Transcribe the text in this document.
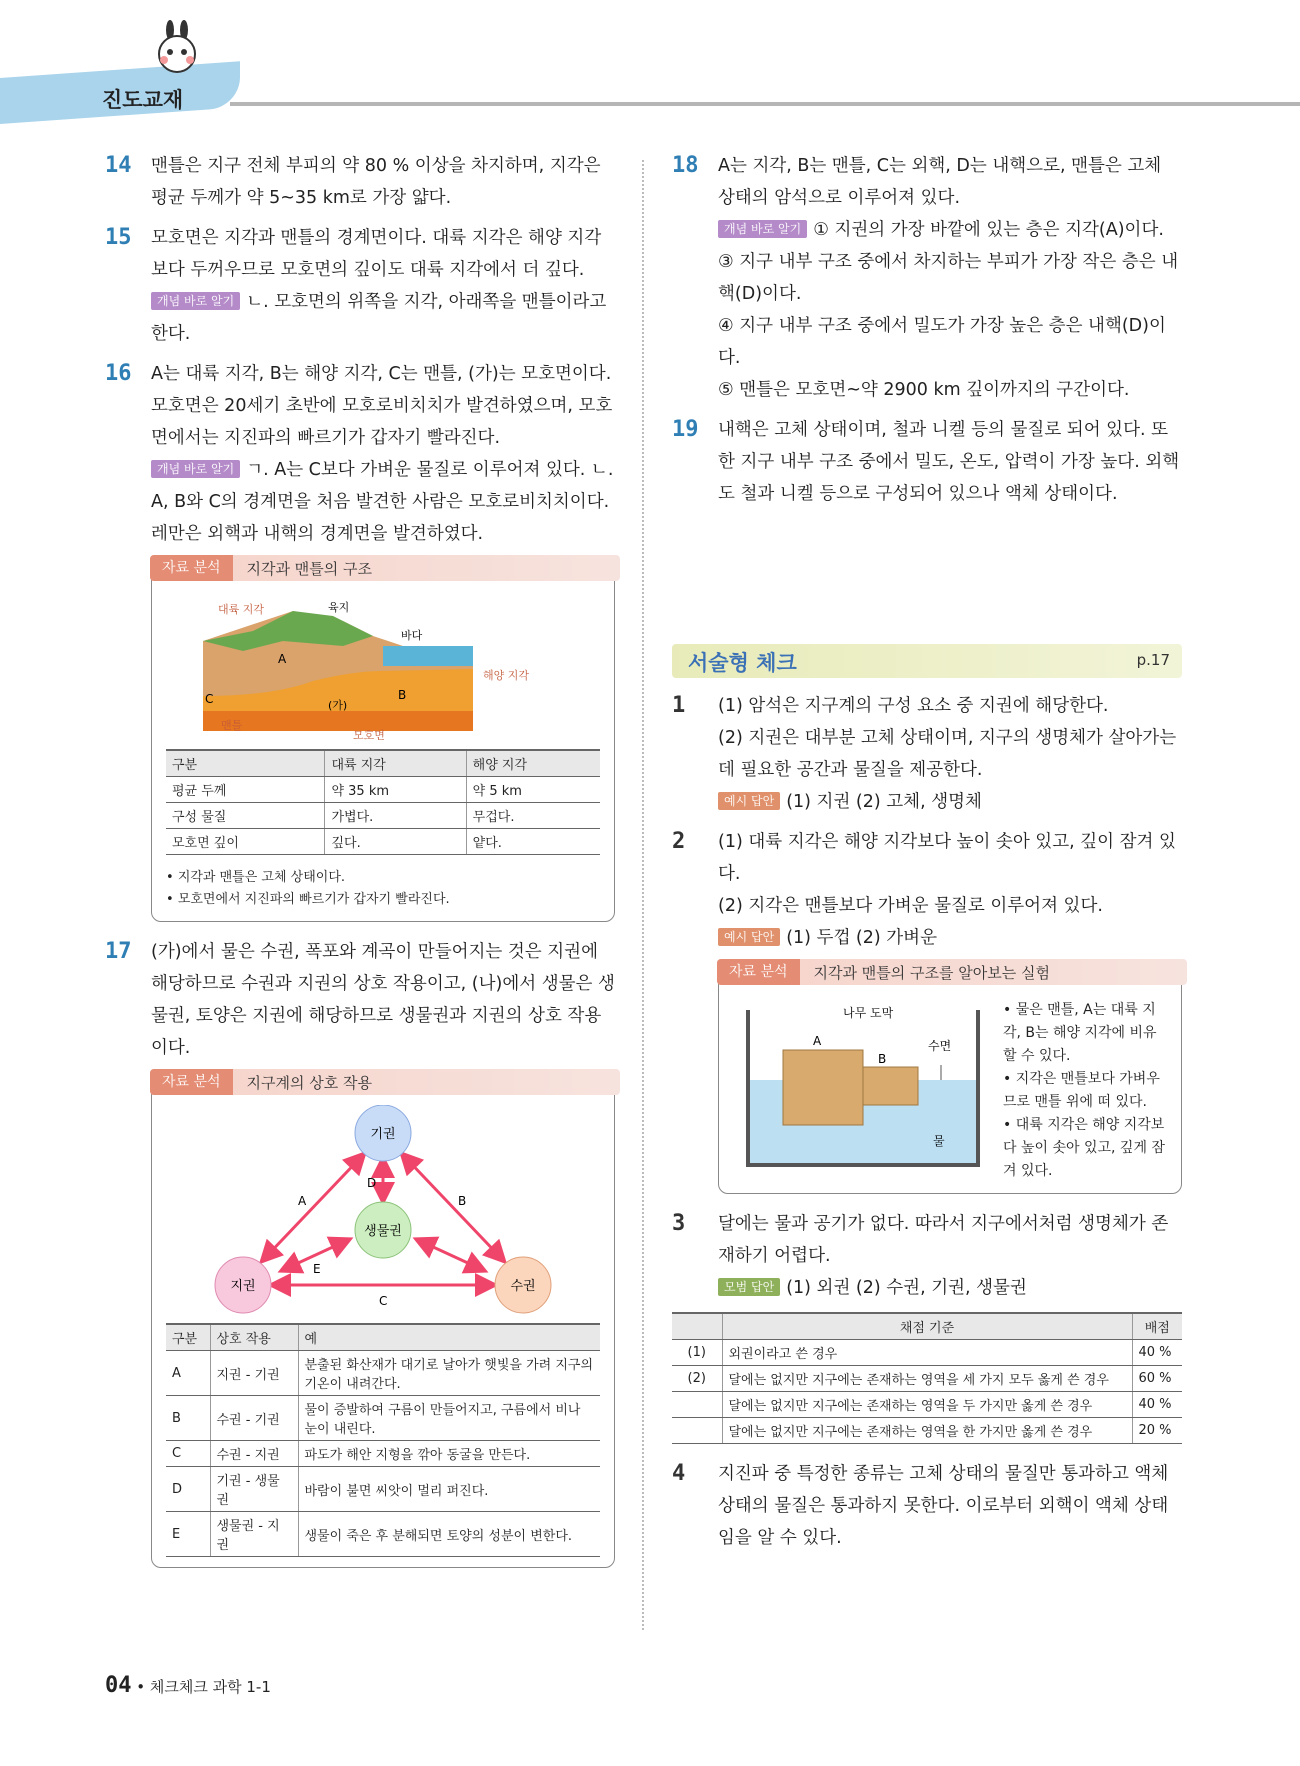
진도교재
14 맨틀은 지구 전체 부피의 약 80 % 이상을 차지하며, 지각은 평균 두께가 약 5~35 km로 가장 얇다.
15 모호면은 지각과 맨틀의 경계면이다. 대륙 지각은 해양 지각보다 두꺼우므로 모호면의 깊이도 대륙 지각에서 더 깊다.
개념 바로 알기 ㄴ. 모호면의 위쪽을 지각, 아래쪽을 맨틀이라고 한다.
16 A는 대륙 지각, B는 해양 지각, C는 맨틀, (가)는 모호면이다. 모호면은 20세기 초반에 모호로비치치가 발견하였으며, 모호면에서는 지진파의 빠르기가 갑자기 빨라진다.
개념 바로 알기 ㄱ. A는 C보다 가벼운 물질로 이루어져 있다. ㄴ. A, B와 C의 경계면을 처음 발견한 사람은 모호로비치치이다. 레만은 외핵과 내핵의 경계면을 발견하였다.
자료 분석	지각과 맨틀의 구조
대륙 지각	육지
바다
해양 지각
A
B
C	(가)
맨틀
모호면
구분	대륙 지각	해양 지각
평균 두께	약 35 km	약 5 km
구성 물질	가볍다.	무겁다.
모호면 깊이	깊다.	얕다.
• 지각과 맨틀은 고체 상태이다.
• 모호면에서 지진파의 빠르기가 갑자기 빨라진다.
17 (가)에서 물은 수권, 폭포와 계곡이 만들어지는 것은 지권에 해당하므로 수권과 지권의 상호 작용이고, (나)에서 생물은 생물권, 토양은 지권에 해당하므로 생물권과 지권의 상호 작용이다.
자료 분석	지구계의 상호 작용
기권
생물권
지권	수권
A	B
C
D
E
구분	상호 작용	예
A	지권 - 기권	분출된 화산재가 대기로 날아가 햇빛을 가려 지구의 기온이 내려간다.
B	수권 - 기권	물이 증발하여 구름이 만들어지고, 구름에서 비나 눈이 내린다.
C	수권 - 지권	파도가 해안 지형을 깎아 동굴을 만든다.
D	기권 - 생물권	바람이 불면 씨앗이 멀리 퍼진다.
E	생물권 - 지권	생물이 죽은 후 분해되면 토양의 성분이 변한다.
18 A는 지각, B는 맨틀, C는 외핵, D는 내핵으로, 맨틀은 고체 상태의 암석으로 이루어져 있다.
개념 바로 알기 ① 지권의 가장 바깥에 있는 층은 지각(A)이다.
③ 지구 내부 구조 중에서 차지하는 부피가 가장 작은 층은 내핵(D)이다.
④ 지구 내부 구조 중에서 밀도가 가장 높은 층은 내핵(D)이다.
⑤ 맨틀은 모호면~약 2900 km 깊이까지의 구간이다.
19 내핵은 고체 상태이며, 철과 니켈 등의 물질로 되어 있다. 또한 지구 내부 구조 중에서 밀도, 온도, 압력이 가장 높다. 외핵도 철과 니켈 등으로 구성되어 있으나 액체 상태이다.
서술형 체크	p.17
1 (1) 암석은 지구계의 구성 요소 중 지권에 해당한다.
(2) 지권은 대부분 고체 상태이며, 지구의 생명체가 살아가는 데 필요한 공간과 물질을 제공한다.
예시 답안 (1) 지권 (2) 고체, 생명체
2 (1) 대륙 지각은 해양 지각보다 높이 솟아 있고, 깊이 잠겨 있다.
(2) 지각은 맨틀보다 가벼운 물질로 이루어져 있다.
예시 답안 (1) 두껍 (2) 가벼운
자료 분석	지각과 맨틀의 구조를 알아보는 실험
나무 도막
A
B
수면
물
• 물은 맨틀, A는 대륙 지각, B는 해양 지각에 비유할 수 있다.
• 지각은 맨틀보다 가벼우므로 맨틀 위에 떠 있다.
• 대륙 지각은 해양 지각보다 높이 솟아 있고, 깊게 잠겨 있다.
3 달에는 물과 공기가 없다. 따라서 지구에서처럼 생명체가 존재하기 어렵다.
모범 답안 (1) 외권 (2) 수권, 기권, 생물권
	채점 기준	배점
(1)	외권이라고 쓴 경우	40 %
(2)	달에는 없지만 지구에는 존재하는 영역을 세 가지 모두 옳게 쓴 경우	60 %
	달에는 없지만 지구에는 존재하는 영역을 두 가지만 옳게 쓴 경우	40 %
	달에는 없지만 지구에는 존재하는 영역을 한 가지만 옳게 쓴 경우	20 %
4 지진파 중 특정한 종류는 고체 상태의 물질만 통과하고 액체 상태의 물질은 통과하지 못한다. 이로부터 외핵이 액체 상태임을 알 수 있다.
04 • 체크체크 과학 1-1
